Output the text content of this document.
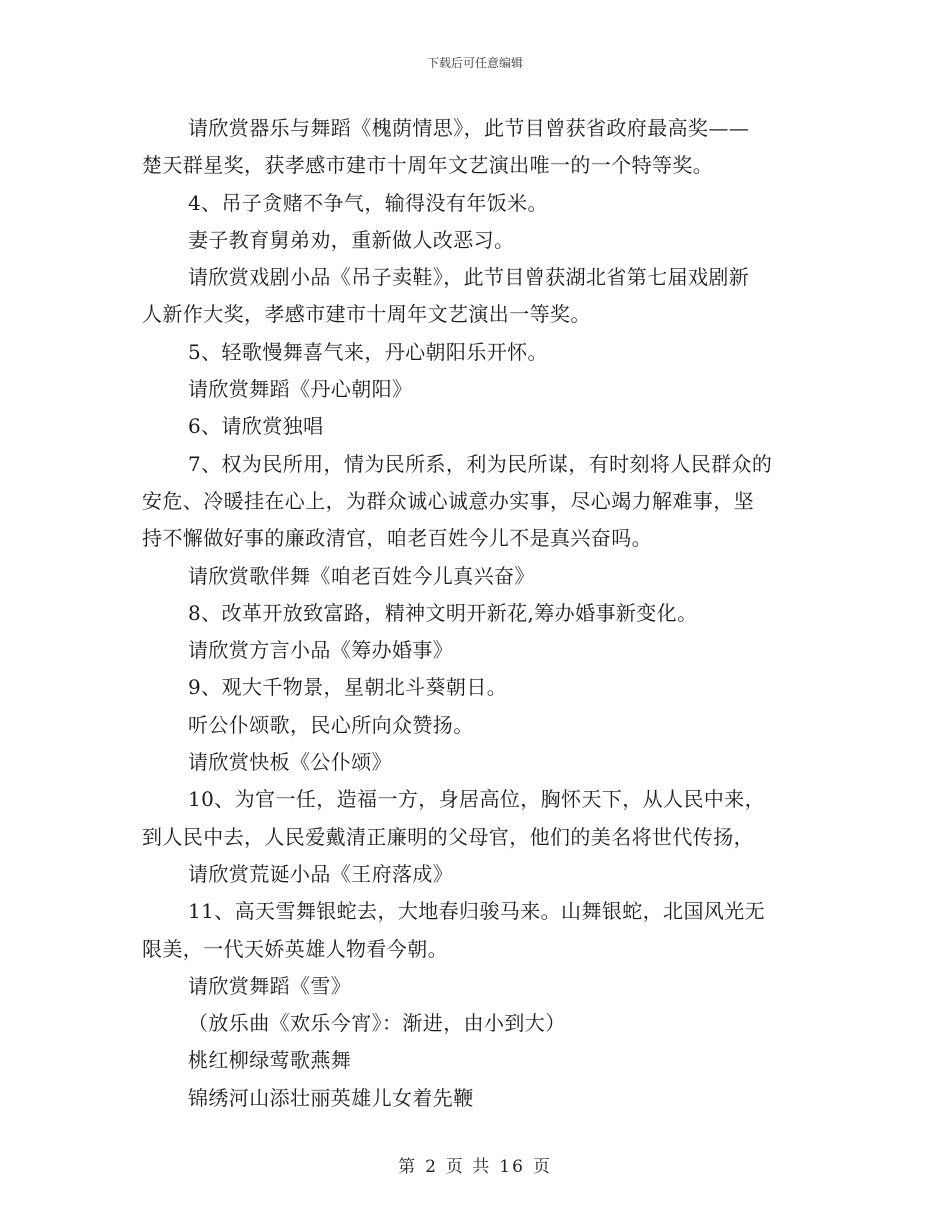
下载后可任意编辑
请欣赏器乐与舞蹈《槐荫情思》，此节目曾获省政府最高奖——
楚天群星奖，获孝感市建市十周年文艺演出唯一的一个特等奖。
4、吊子贪赌不争气，输得没有年饭米。
妻子教育舅弟劝，重新做人改恶习。
请欣赏戏剧小品《吊子卖鞋》，此节目曾获湖北省第七届戏剧新
人新作大奖，孝感市建市十周年文艺演出一等奖。
5、轻歌慢舞喜气来，丹心朝阳乐开怀。
请欣赏舞蹈《丹心朝阳》
6、请欣赏独唱
7、权为民所用，情为民所系，利为民所谋，有时刻将人民群众的
安危、冷暖挂在心上，为群众诚心诚意办实事，尽心竭力解难事，坚
持不懈做好事的廉政清官，咱老百姓今儿不是真兴奋吗。
请欣赏歌伴舞《咱老百姓今儿真兴奋》
8、改革开放致富路，精神文明开新花,筹办婚事新变化。
请欣赏方言小品《筹办婚事》
9、观大千物景，星朝北斗葵朝日。
听公仆颂歌，民心所向众赞扬。
请欣赏快板《公仆颂》
10、为官一任，造福一方，身居高位，胸怀天下，从人民中来，
到人民中去，人民爱戴清正廉明的父母官，他们的美名将世代传扬，
请欣赏荒诞小品《王府落成》
11、高天雪舞银蛇去，大地春归骏马来。山舞银蛇，北国风光无
限美，一代天娇英雄人物看今朝。
请欣赏舞蹈《雪》
（放乐曲《欢乐今宵》：渐进，由小到大）
桃红柳绿莺歌燕舞
锦绣河山添壮丽英雄儿女着先鞭
第 2 页 共 16 页
